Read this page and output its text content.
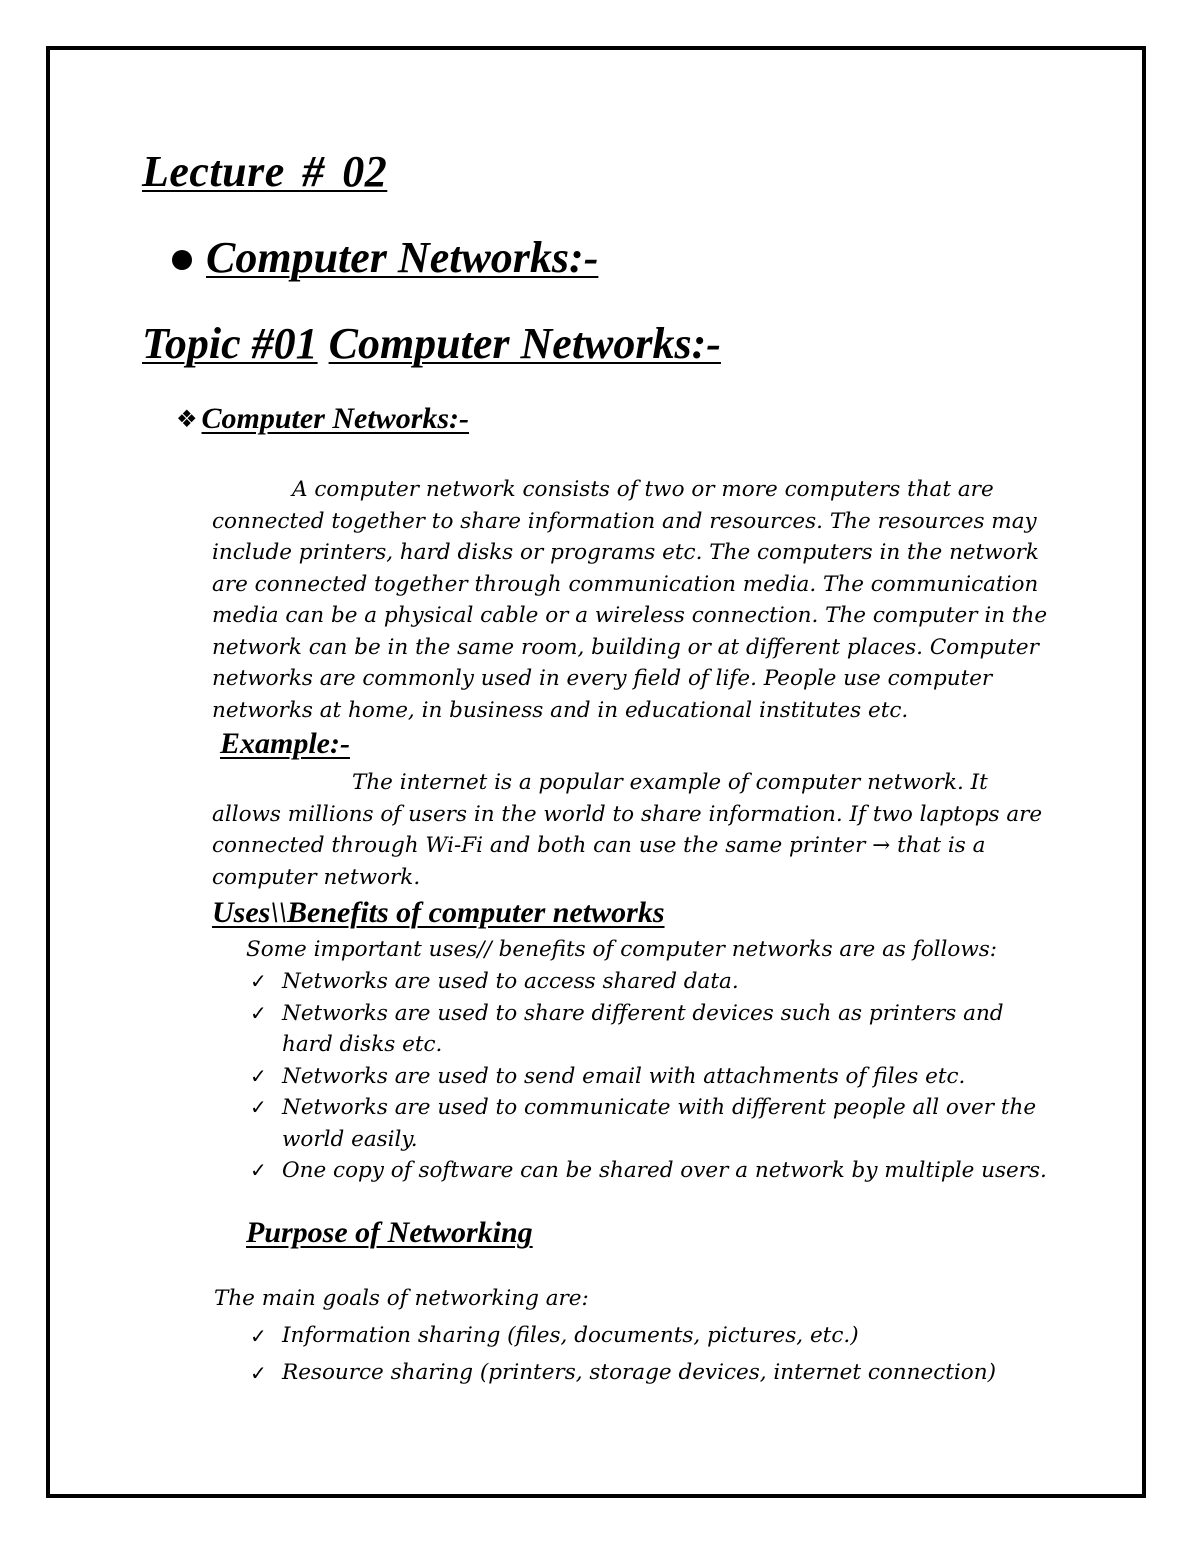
Lecture # 02
Computer Networks:-
Topic #01 Computer Networks:-
❖ Computer Networks:-
A computer network consists of two or more computers that are
connected together to share information and resources. The resources may
include printers, hard disks or programs etc. The computers in the network
are connected together through communication media. The communication
media can be a physical cable or a wireless connection. The computer in the
network can be in the same room, building or at different places. Computer
networks are commonly used in every field of life. People use computer
networks at home, in business and in educational institutes etc.
Example:-
The internet is a popular example of computer network. It
allows millions of users in the world to share information. If two laptops are
connected through Wi-Fi and both can use the same printer → that is a
computer network.
Uses\\Benefits of computer networks

Some important uses// benefits of computer networks are as follows:

✓ Networks are used to access shared data.
✓ Networks are used to share different devices such as printers and
hard disks etc.
✓ Networks are used to send email with attachments of files etc.
✓ Networks are used to communicate with different people all over the
world easily.
✓ One copy of software can be shared over a network by multiple users.
Purpose of Networking

The main goals of networking are:

✓ Information sharing (files, documents, pictures, etc.)
✓ Resource sharing (printers, storage devices, internet connection)
